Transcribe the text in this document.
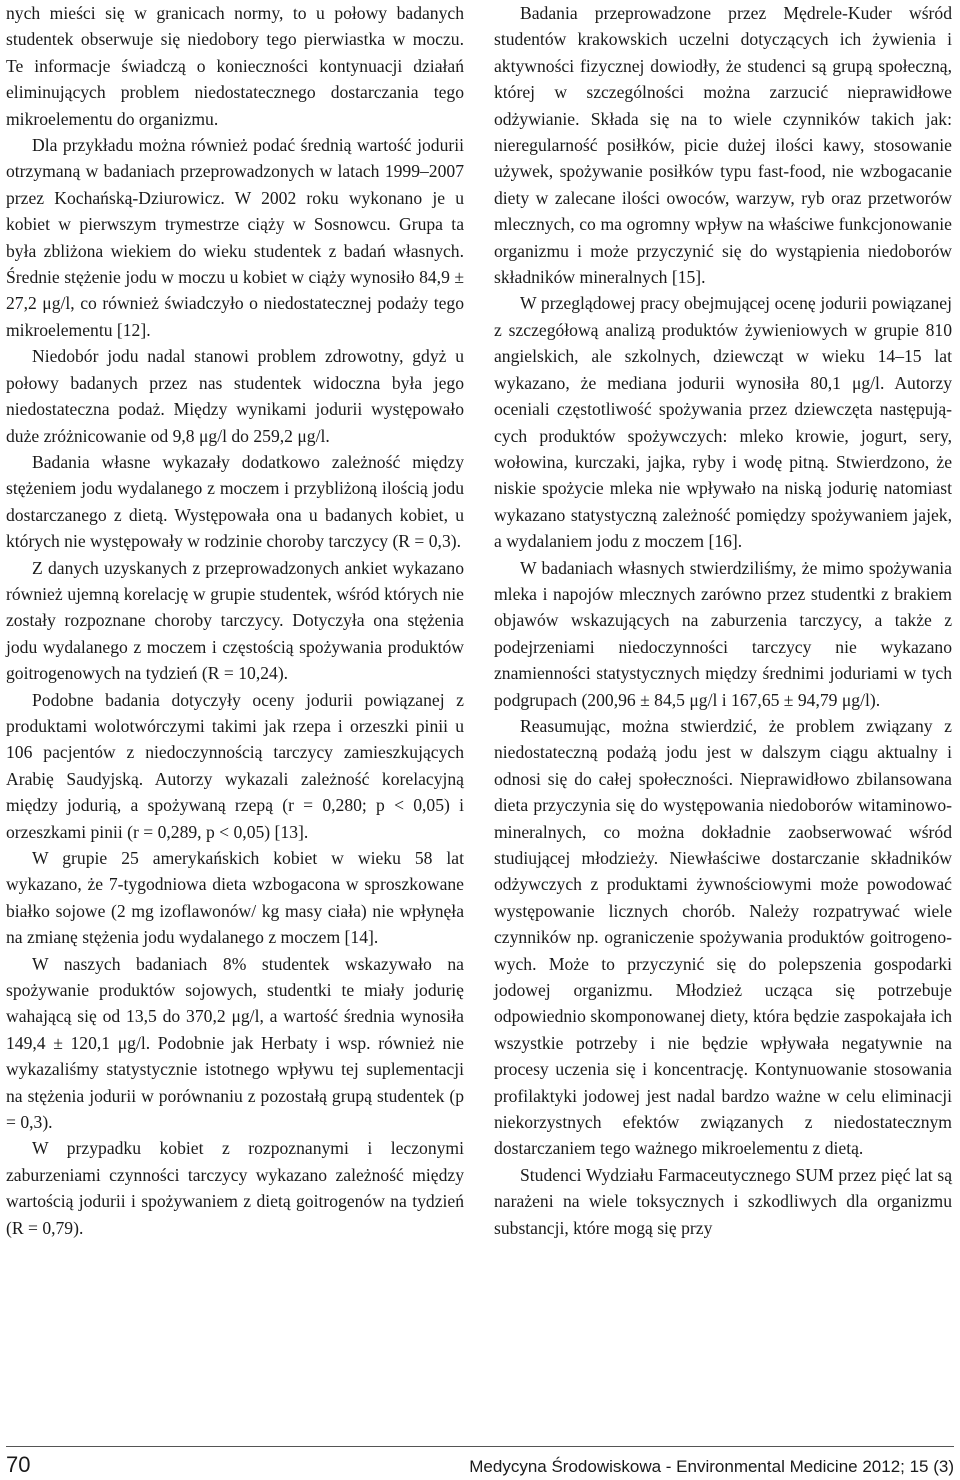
nych mieści się w granicach normy, to u połowy badanych studentek obserwuje się niedobory tego pierwiastka w moczu. Te informacje świadczą o konieczności kontynuacji działań eliminujących problem niedostatecznego dostarczania tego mikroelementu do organizmu.

Dla przykładu można również podać średnią wartość jodurii otrzymaną w badaniach przeprowadzonych w latach 1999–2007 przez Kochańską-Dziurowicz. W 2002 roku wykonano je u kobiet w pierwszym trymestrze ciąży w Sosnowcu. Grupa ta była zbliżona wiekiem do wieku studentek z badań własnych. Średnie stężenie jodu w moczu u kobiet w ciąży wynosiło 84,9 ± 27,2 μg/l, co również świadczyło o niedostatecznej podaży tego mikroelementu [12].

Niedobór jodu nadal stanowi problem zdrowotny, gdyż u połowy badanych przez nas studentek widoczna była jego niedostateczna podaż. Między wynikami jodurii występowało duże zróżnicowanie od 9,8 μg/l do 259,2 μg/l.

Badania własne wykazały dodatkowo zależność między stężeniem jodu wydalanego z moczem i przybliżoną ilością jodu dostarczanego z dietą. Występowała ona u badanych kobiet, u których nie występowały w rodzinie choroby tarczycy (R = 0,3).

Z danych uzyskanych z przeprowadzonych ankiet wykazano również ujemną korelację w grupie studentek, wśród których nie zostały rozpoznane choroby tarczycy. Dotyczyła ona stężenia jodu wydalanego z moczem i częstością spożywania produktów goitrogenowych na tydzień (R = 10,24).

Podobne badania dotyczyły oceny jodurii powiązanej z produktami wolotwórczymi takimi jak rzepa i orzeszki pinii u 106 pacjentów z niedoczynnością tarczycy zamieszkujących Arabię Saudyjską. Autorzy wykazali zależność korelacyjną między jodurią, a spożywaną rzepą (r = 0,280; p < 0,05) i orzeszkami pinii (r = 0,289, p < 0,05) [13].

W grupie 25 amerykańskich kobiet w wieku 58 lat wykazano, że 7-tygodniowa dieta wzbogacona w sproszkowane białko sojowe (2 mg izoflawonów/ kg masy ciała) nie wpłynęła na zmianę stężenia jodu wydalanego z moczem [14].

W naszych badaniach 8% studentek wskazywało na spożywanie produktów sojowych, studentki te miały jodurię wahającą się od 13,5 do 370,2 μg/l, a wartość średnia wynosiła 149,4 ± 120,1 μg/l. Podobnie jak Herbaty i wsp. również nie wykazaliśmy statystycznie istotnego wpływu tej suplementacji na stężenia jodurii w porównaniu z pozostałą grupą studentek (p = 0,3).

W przypadku kobiet z rozpoznanymi i leczonymi zaburzeniami czynności tarczycy wykazano zależność między wartością jodurii i spożywaniem z dietą goitrogenów na tydzień (R = 0,79).

Badania przeprowadzone przez Mędrele-Kuder wśród studentów krakowskich uczelni dotyczących ich żywienia i aktywności fizycznej dowiodły, że studenci są grupą społeczną, której w szczególności można zarzucić nieprawidłowe odżywianie. Składa się na to wiele czynników takich jak: nieregularność posiłków, picie dużej ilości kawy, stosowanie używek, spożywanie posiłków typu fast-food, nie wzbogacanie diety w zalecane ilości owoców, warzyw, ryb oraz przetworów mlecznych, co ma ogromny wpływ na właściwe funkcjonowanie organizmu i może przyczynić się do wystąpienia niedoborów składników mineralnych [15].

W przeglądowej pracy obejmującej ocenę jodurii powiązanej z szczegółową analizą produktów żywieniowych w grupie 810 angielskich, ale szkolnych, dziewcząt w wieku 14–15 lat wykazano, że mediana jodurii wynosiła 80,1 μg/l. Autorzy oceniali częstotliwość spożywania przez dziewczęta następujących produktów spożywczych: mleko krowie, jogurt, sery, wołowina, kurczaki, jajka, ryby i wodę pitną. Stwierdzono, że niskie spożycie mleka nie wpływało na niską jodurię natomiast wykazano statystyczną zależność pomiędzy spożywaniem jajek, a wydalaniem jodu z moczem [16].

W badaniach własnych stwierdziliśmy, że mimo spożywania mleka i napojów mlecznych zarówno przez studentki z brakiem objawów wskazujących na zaburzenia tarczycy, a także z podejrzeniami niedoczynności tarczycy nie wykazano znamienności statystycznych między średnimi joduriami w tych podgrupach (200,96 ± 84,5 μg/l i 167,65 ± 94,79 μg/l).

Reasumując, można stwierdzić, że problem związany z niedostateczną podażą jodu jest w dalszym ciągu aktualny i odnosi się do całej społeczności. Nieprawidłowo zbilansowana dieta przyczynia się do występowania niedoborów witaminowo-mineralnych, co można dokładnie zaobserwować wśród studiującej młodzieży. Niewłaściwe dostarczanie składników odżywczych z produktami żywnościowymi może powodować występowanie licznych chorób. Należy rozpatrywać wiele czynników np. ograniczenie spożywania produktów goitrogenowych. Może to przyczynić się do polepszenia gospodarki jodowej organizmu. Młodzież ucząca się potrzebuje odpowiednio skomponowanej diety, która będzie zaspokajała ich wszystkie potrzeby i nie będzie wpływała negatywnie na procesy uczenia się i koncentrację. Kontynuowanie stosowania profilaktyki jodowej jest nadal bardzo ważne w celu eliminacji niekorzystnych efektów związanych z niedostatecznym dostarczaniem tego ważnego mikroelementu z dietą.

Studenci Wydziału Farmaceutycznego SUM przez pięć lat są narażeni na wiele toksycznych i szkodliwych dla organizmu substancji, które mogą się przy

70	Medycyna Środowiskowa - Environmental Medicine 2012; 15 (3)
